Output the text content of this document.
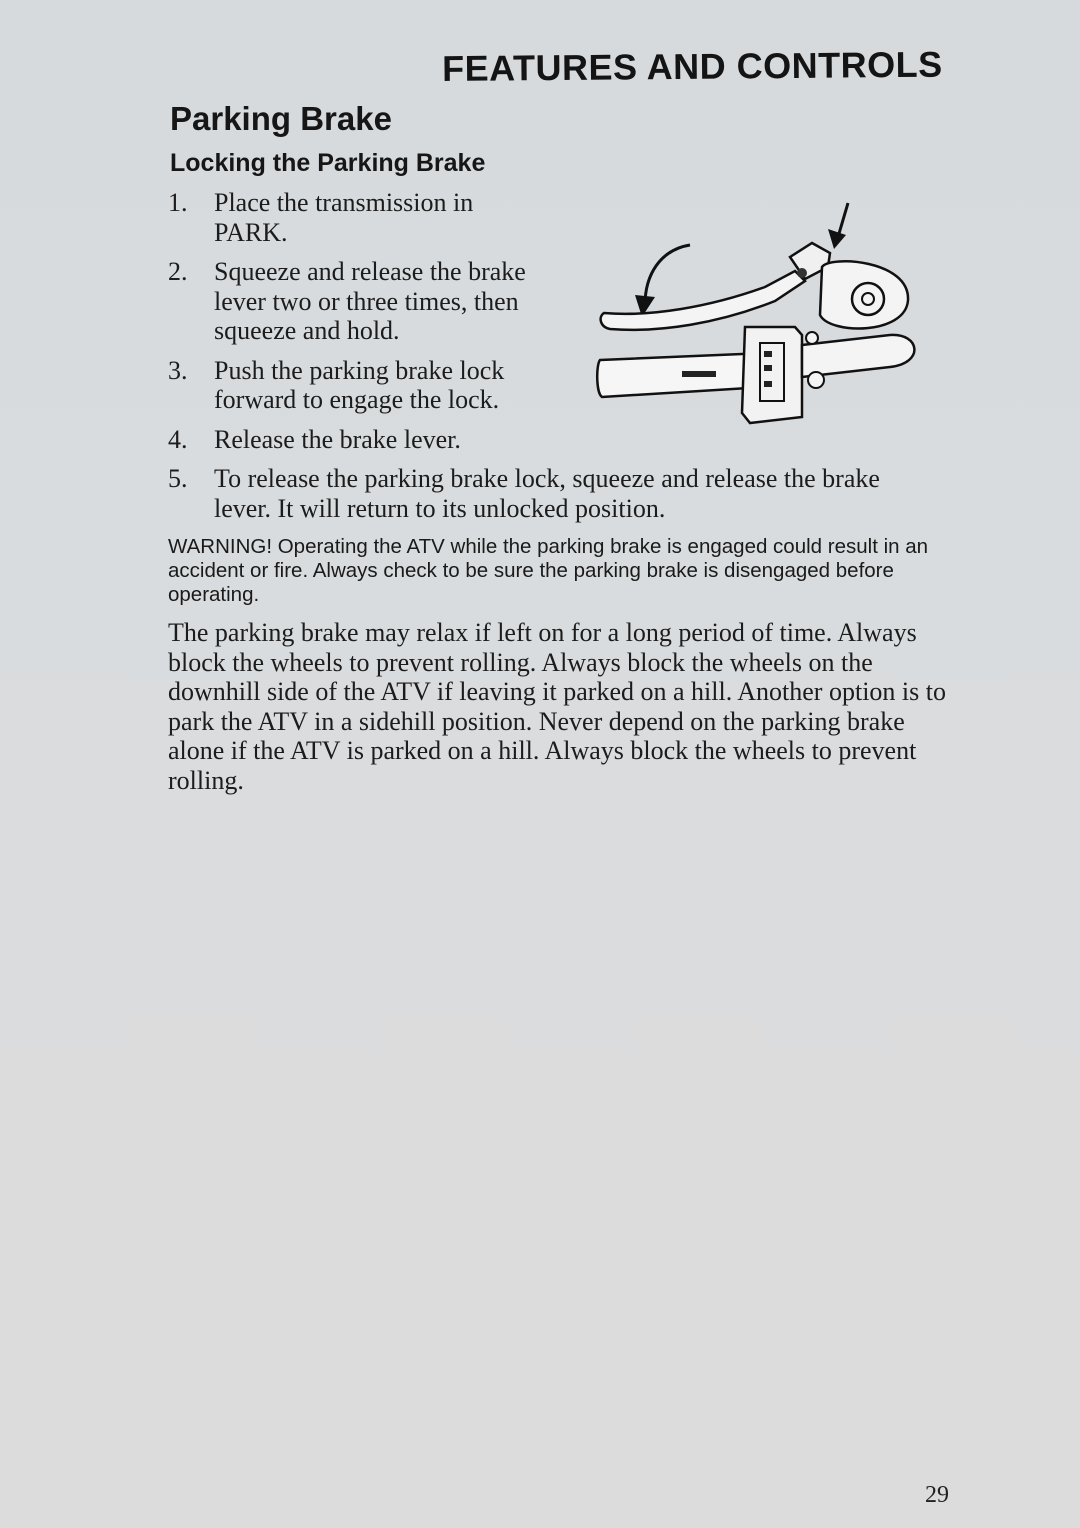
FEATURES AND CONTROLS
Parking Brake
Locking the Parking Brake
1. Place the transmission in PARK.
2. Squeeze and release the brake lever two or three times, then squeeze and hold.
3. Push the parking brake lock forward to engage the lock.
4. Release the brake lever.
5. To release the parking brake lock, squeeze and release the brake lever. It will return to its unlocked position.

WARNING! Operating the ATV while the parking brake is engaged could result in an accident or fire. Always check to be sure the parking brake is disengaged before operating.

The parking brake may relax if left on for a long period of time. Always block the wheels to prevent rolling. Always block the wheels on the downhill side of the ATV if leaving it parked on a hill. Another option is to park the ATV in a sidehill position. Never depend on the parking brake alone if the ATV is parked on a hill. Always block the wheels to prevent rolling.

29
